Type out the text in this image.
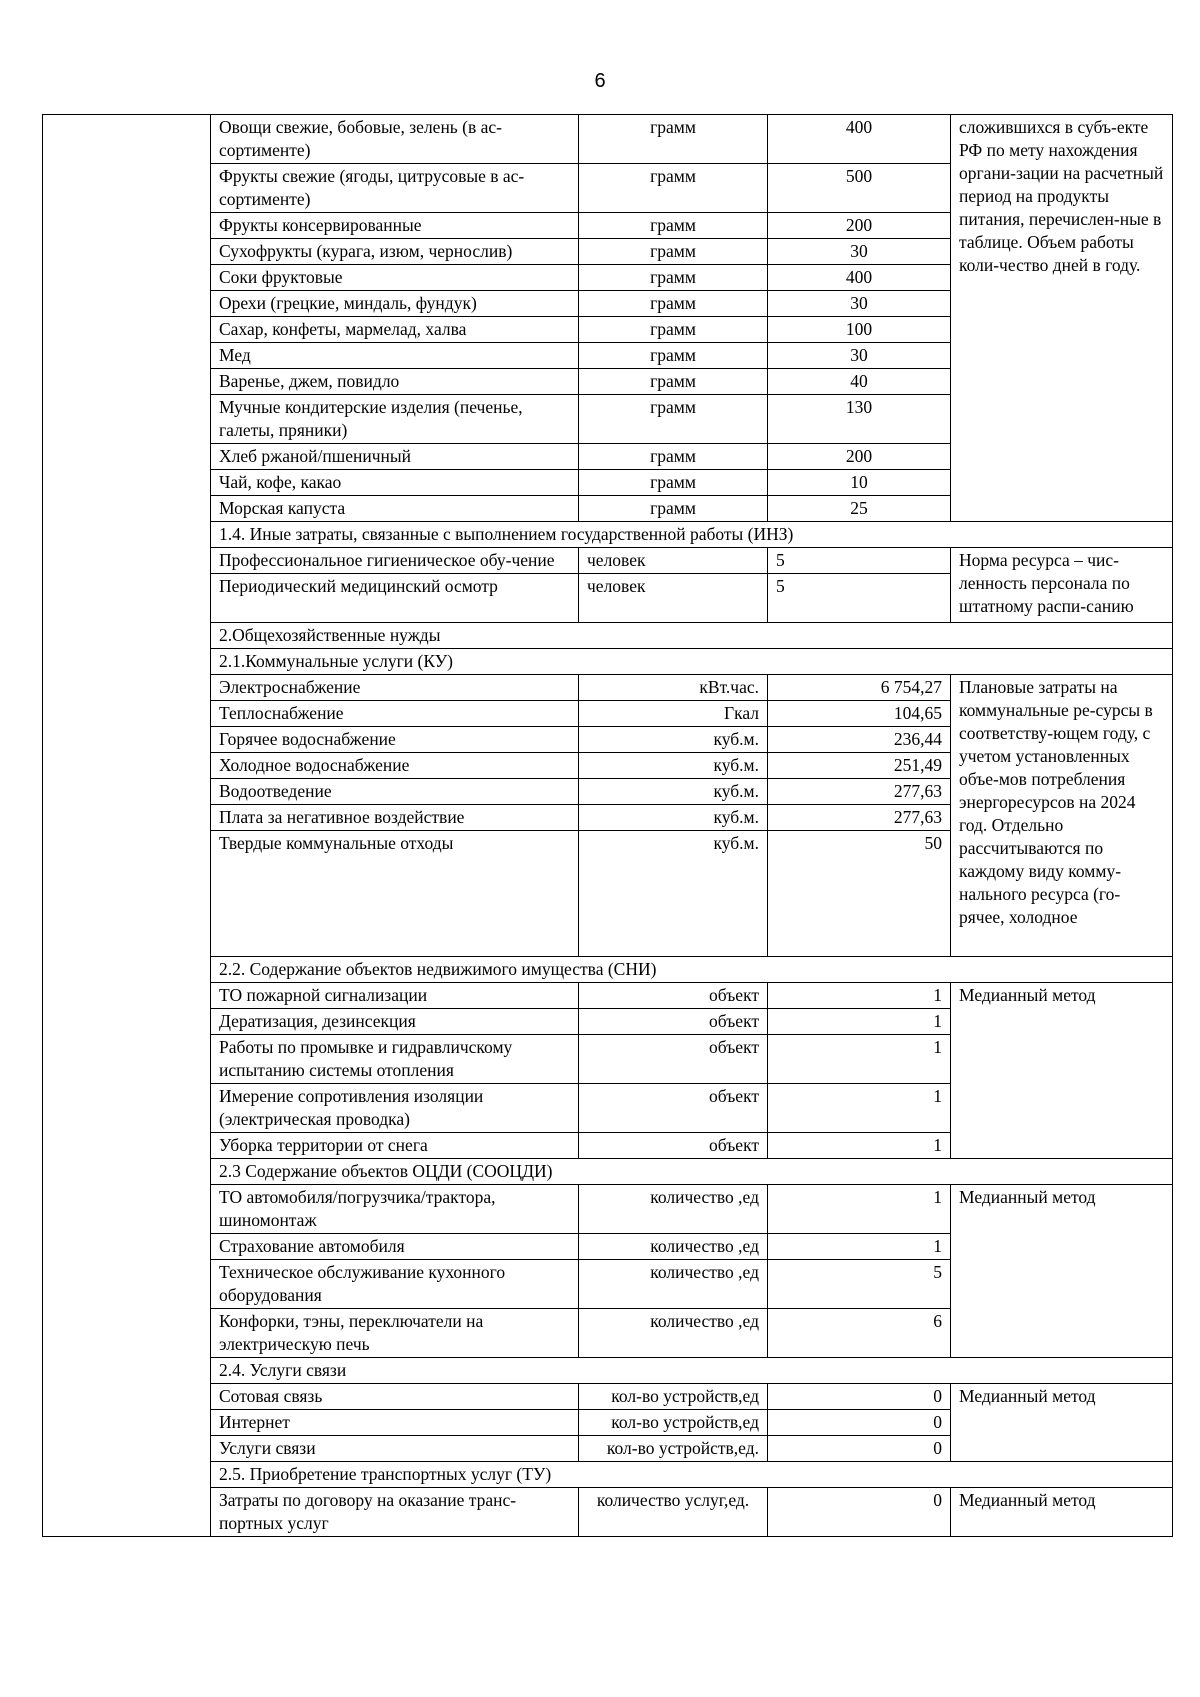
6
	Овощи свежие, бобовые, зелень (в ас-сортименте)	грамм	400	сложившихся в субъ-екте РФ по мету нахождения органи-зации на расчетный период на продукты питания, перечислен-ные в таблице. Объем работы коли-чество дней в году.
	Фрукты свежие (ягоды, цитрусовые в ас-сортименте)	грамм	500	
	Фрукты консервированные	грамм	200	
	Сухофрукты (курага, изюм, чернослив)	грамм	30	
	Соки фруктовые	грамм	400	
	Орехи (грецкие, миндаль, фундук)	грамм	30	
	Сахар, конфеты, мармелад, халва	грамм	100	
	Мед	грамм	30	
	Варенье, джем, повидло	грамм	40	
	Мучные кондитерские изделия (печенье, галеты, пряники)	грамм	130	
	Хлеб ржаной/пшеничный	грамм	200	
	Чай, кофе, какао	грамм	10	
	Морская капуста	грамм	25	
	1.4. Иные затраты, связанные с выполнением государственной работы (ИНЗ)			
	Профессиональное гигиеническое обу-чение	человек	5	Норма ресурса – чис-ленность персонала по штатному распи-санию
	Периодический медицинский осмотр	человек	5	
	2.Общехозяйственные нужды			
	2.1.Коммунальные услуги (КУ)			
	Электроснабжение	кВт.час.	6 754,27	Плановые затраты на коммунальные ре-сурсы в соответству-ющем году, с учетом установленных объе-мов потребления энергоресурсов на 2024 год. Отдельно рассчитываются по каждому виду комму-нального ресурса (го-рячее, холодное
	Теплоснабжение	Гкал	104,65	
	Горячее водоснабжение	куб.м.	236,44	
	Холодное водоснабжение	куб.м.	251,49	
	Водоотведение	куб.м.	277,63	
	Плата за негативное воздействие	куб.м.	277,63	
	Твердые коммунальные отходы	куб.м.	50	
	2.2. Содержание объектов недвижимого имущества (СНИ)			
	ТО пожарной сигнализации	объект	1	Медианный метод
	Дератизация, дезинсекция	объект	1	
	Работы по промывке и гидравличскому испытанию системы отопления	объект	1	
	Имерение сопротивления изоляции (электрическая проводка)	объект	1	
	Уборка территории от снега	объект	1	
	2.3 Содержание объектов ОЦДИ (СООЦДИ)			
	ТО автомобиля/погрузчика/трактора, шиномонтаж	количество ,ед	1	Медианный метод
	Страхование автомобиля	количество ,ед	1	
	Техническое обслуживание кухонного оборудования	количество ,ед	5	
	Конфорки, тэны, переключатели на электрическую печь	количество ,ед	6	
	2.4. Услуги связи			
	Сотовая связь	кол-во устройств,ед	0	Медианный метод
	Интернет	кол-во устройств,ед	0	
	Услуги связи	кол-во устройств,ед.	0	
	2.5. Приобретение транспортных услуг (ТУ)			
	Затраты по договору на оказание транс-портных услуг	количество услуг,ед.	0	Медианный метод
